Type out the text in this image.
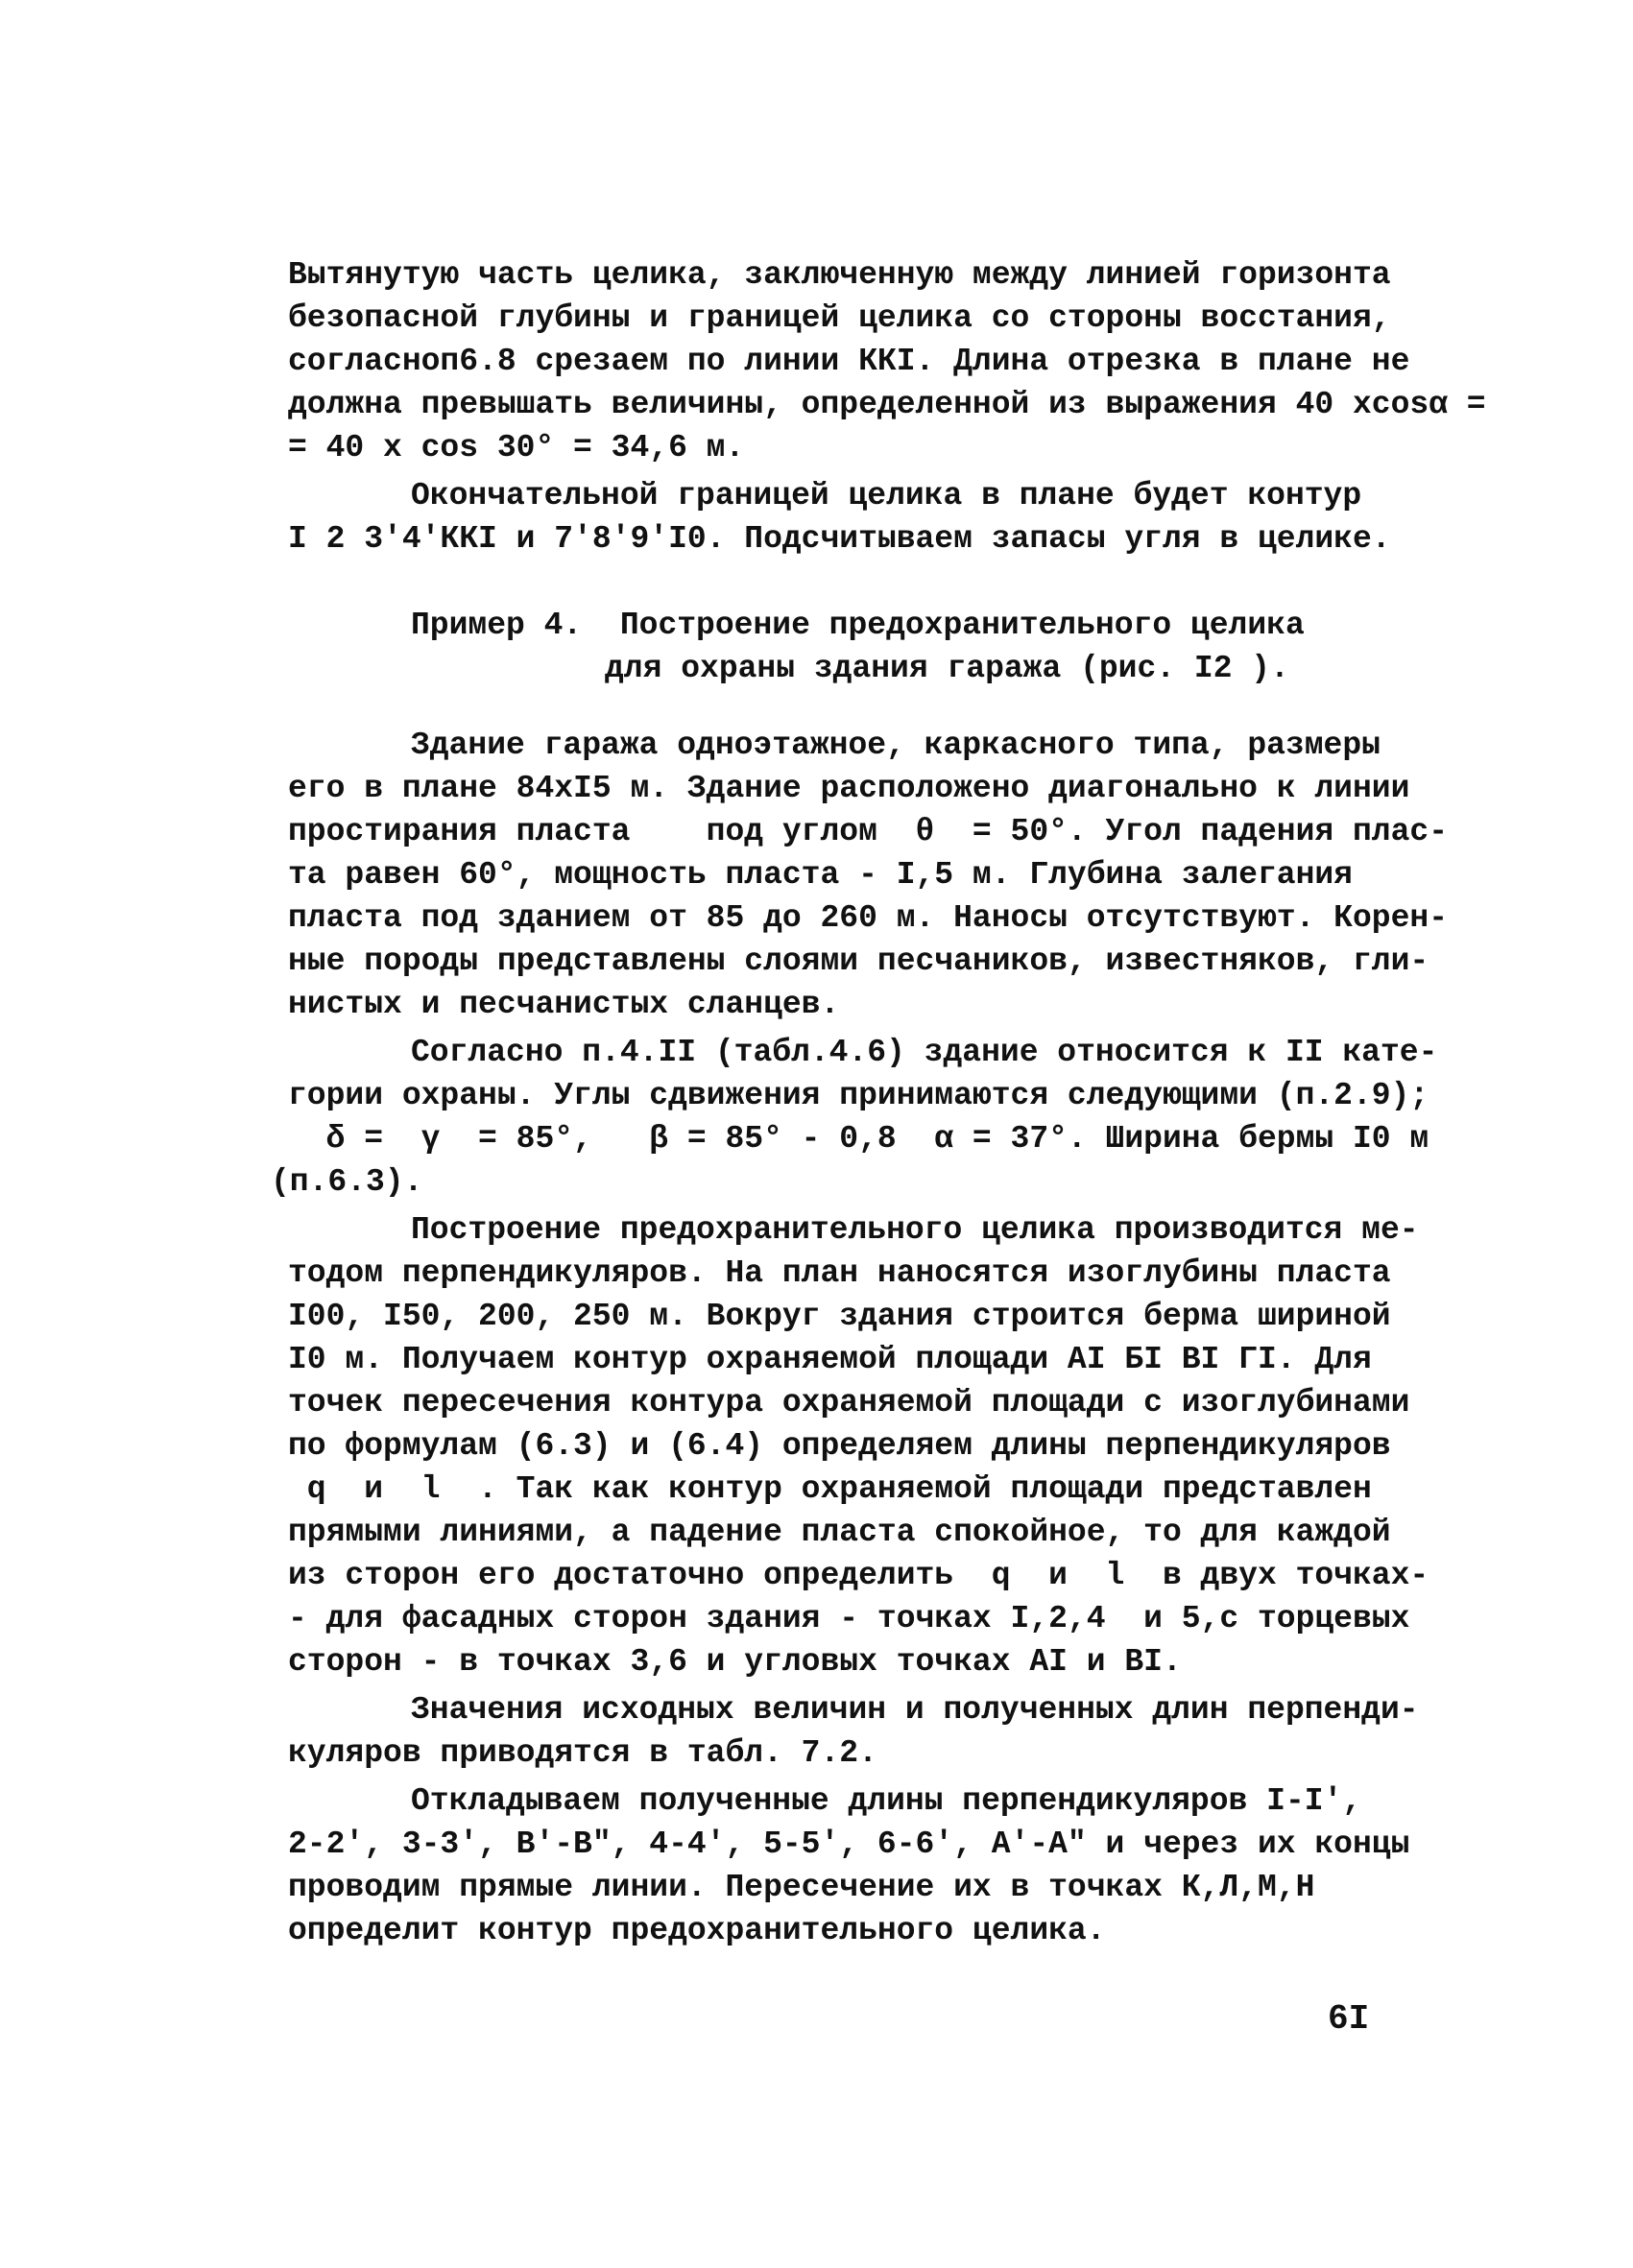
Вытянутую часть целика, заключенную между линией горизонта
безопасной глубины и границей целика со стороны восстания,
согласноп6.8 срезаем по линии ККI. Длина отрезка в плане не
должна превышать величины, определенной из выражения 40 xcosα =
= 40 x cos 30° = 34,6 м.
Окончательной границей целика в плане будет контур
I 2 3'4'ККI и 7'8'9'I0. Подсчитываем запасы угля в целике.
Пример 4.  Построение предохранительного целика
для охраны здания гаража (рис. I2 ).
Здание гаража одноэтажное, каркасного типа, размеры
его в плане 84xI5 м. Здание расположено диагонально к линии
простирания пласта    под углом  θ  = 50°. Угол падения плас-
та равен 60°, мощность пласта - I,5 м. Глубина залегания
пласта под зданием от 85 до 260 м. Наносы отсутствуют. Корен-
ные породы представлены слоями песчаников, известняков, гли-
нистых и песчанистых сланцев.
Согласно п.4.II (табл.4.6) здание относится к II кате-
гории охраны. Углы сдвижения принимаются следующими (п.2.9);
δ =  γ  = 85°,   β = 85° - 0,8  α = 37°. Ширина бермы I0 м
(п.6.3).
Построение предохранительного целика производится ме-
тодом перпендикуляров. На план наносятся изоглубины пласта
I00, I50, 200, 250 м. Вокруг здания строится берма шириной
I0 м. Получаем контур охраняемой площади АI БI ВI ГI. Для
точек пересечения контура охраняемой площади с изоглубинами
по формулам (6.3) и (6.4) определяем длины перпендикуляров
q  и  l  . Так как контур охраняемой площади представлен
прямыми линиями, а падение пласта спокойное, то для каждой
из сторон его достаточно определить  q  и  l  в двух точках-
- для фасадных сторон здания - точках I,2,4  и 5,с торцевых
сторон - в точках 3,6 и угловых точках АI и ВI.
Значения исходных величин и полученных длин перпенди-
куляров приводятся в табл. 7.2.
Откладываем полученные длины перпендикуляров I-I',
2-2', 3-3', В'-В", 4-4', 5-5', 6-6', А'-А" и через их концы
проводим прямые линии. Пересечение их в точках К,Л,М,Н
определит контур предохранительного целика.
6I
